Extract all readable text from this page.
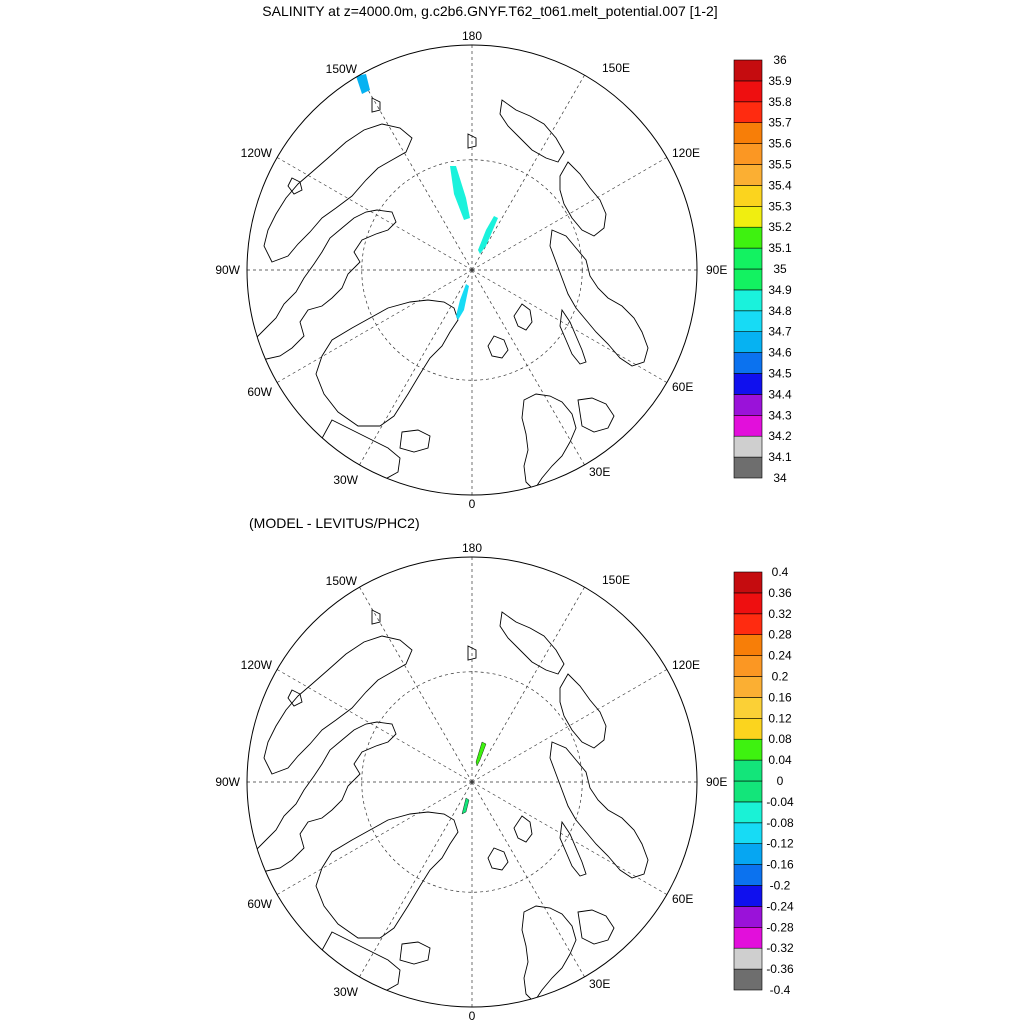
SALINITY at z=4000.0m, g.c2b6.GNYF.T62_t061.melt_potential.007 [1-2]
(MODEL - LEVITUS/PHC2)
180
150E
120E
90E
60E
30E
0
30W
60W
90W
120W
150W
34
34.1
34.2
34.3
34.4
34.5
34.6
34.7
34.8
34.9
35
35.1
35.2
35.3
35.4
35.5
35.6
35.7
35.8
35.9
36
180
150E
120E
90E
60E
30E
0
30W
60W
90W
120W
150W
-0.4
-0.36
-0.32
-0.28
-0.24
-0.2
-0.16
-0.12
-0.08
-0.04
0
0.04
0.08
0.12
0.16
0.2
0.24
0.28
0.32
0.36
0.4
